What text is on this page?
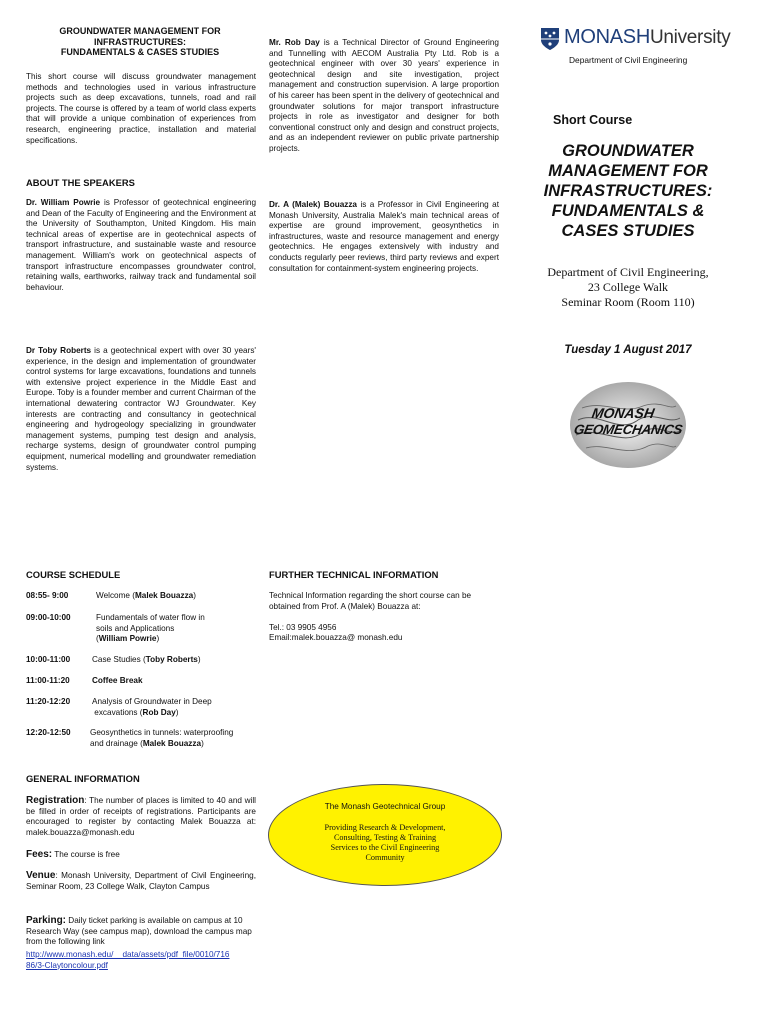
GROUNDWATER MANAGEMENT FOR
INFRASTRUCTURES:
FUNDAMENTALS & CASES STUDIES

This short course will discuss groundwater management methods and technologies used in various infrastructure projects such as deep excavations, tunnels, road and rail projects. The course is offered by a team of world class experts that will provide a unique combination of experiences from research, engineering practice, installation and material specifications.

ABOUT THE SPEAKERS

Dr. William Powrie is Professor of geotechnical engineering and Dean of the Faculty of Engineering and the Environment at the University of Southampton, United Kingdom. His main technical areas of expertise are in geotechnical aspects of transport infrastructure, and sustainable waste and resource management. William's work on geotechnical aspects of transport infrastructure encompasses groundwater control, retaining walls, earthworks, railway track and fundamental soil behaviour.

Dr Toby Roberts is a geotechnical expert with over 30 years' experience, in the design and implementation of groundwater control systems for large excavations, foundations and tunnels with extensive project experience in the Middle East and Europe. Toby is a founder member and current Chairman of the international dewatering contractor WJ Groundwater. Key interests are contracting and consultancy in geotechnical engineering and hydrogeology specializing in groundwater management systems, pumping test design and analysis, recharge systems, design of groundwater control pumping equipment, numerical modelling and groundwater remediation systems.

Mr. Rob Day is a Technical Director of Ground Engineering and Tunnelling with AECOM Australia Pty Ltd. Rob is a geotechnical engineer with over 30 years' experience in geotechnical design and site investigation, project management and construction supervision. A large proportion of his career has been spent in the delivery of geotechnical and groundwater solutions for major transport infrastructure projects in role as investigator and designer for both conventional construct only and design and construct projects, and as an independent reviewer on public private partnership projects.

Dr. A (Malek) Bouazza is a Professor in Civil Engineering at Monash University, Australia Malek's main technical areas of expertise are ground improvement, geosynthetics in infrastructures, waste and resource management and energy geotechnics. He engages extensively with industry and conducts regularly peer reviews, third party reviews and expert consultation for containment-system engineering projects.

MONASHUniversity
Department of Civil Engineering
Short Course
GROUNDWATER
MANAGEMENT FOR
INFRASTRUCTURES:
FUNDAMENTALS &
CASES STUDIES
Department of Civil Engineering,
23 College Walk
Seminar Room (Room 110)
Tuesday 1 August 2017
MONASH
GEOMECHANICS
COURSE SCHEDULE
08:55- 9:00	Welcome (Malek Bouazza)
09:00-10:00	Fundamentals of water flow in
soils and Applications
(William Powrie)
10:00-11:00	Case Studies (Toby Roberts)
11:00-11:20	Coffee Break
11:20-12:20	Analysis of Groundwater in Deep
excavations (Rob Day)
12:20-12:50 Geosynthetics in tunnels: waterproofing
and drainage (Malek Bouazza)
FURTHER TECHNICAL INFORMATION
Technical Information regarding the short course can be
obtained from Prof. A (Malek) Bouazza at:
Tel.: 03 9905 4956
Email:malek.bouazza@ monash.edu
GENERAL INFORMATION

Registration: The number of places is limited to 40 and will be filled in order of receipts of registrations. Participants are encouraged to register by contacting Malek Bouazza at: malek.bouazza@monash.edu

Fees: The course is free

Venue: Monash University, Department of Civil Engineering, Seminar Room, 23 College Walk, Clayton Campus

Parking: Daily ticket parking is available on campus at 10 Research Way (see campus map), download the campus map from the following link

http://www.monash.edu/__data/assets/pdf_file/0010/716
86/3-Claytoncolour.pdf
The Monash Geotechnical Group
Providing Research & Development,
Consulting, Testing & Training
Services to the Civil Engineering
Community
